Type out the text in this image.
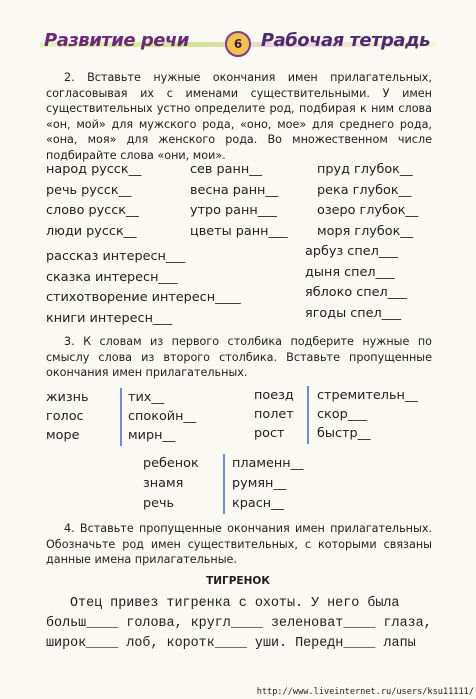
Развитие речи	6	Рабочая тетрадь

2. Вставьте нужные окончания имен прилагательных, согласовывая их с именами существительными. У имен существительных устно определите род, подбирая к ним слова «он, мой» для мужского рода, «оно, мое» для среднего рода, «она, моя» для женского рода. Во множественном числе подбирайте слова «они, мои».

народ русск__
речь русск__
слово русск__
люди русск__
сев ранн__
весна ранн__
утро ранн___
цветы ранн___
пруд глубок__
река глубок__
озеро глубок__
моря глубок__
рассказ интересн___
сказка интересн___
стихотворение интересн____
книги интересн___
арбуз спел___
дыня спел___
яблоко спел___
ягоды спел___

3. К словам из первого столбика подберите нужные по смыслу слова из второго столбика. Вставьте пропущенные окончания имен прилагательных.

жизнь
голос
море
тих__
спокойн__
мирн__
поезд
полет
рост
стремительн__
скор___
быстр__
ребенок
знамя
речь
пламенн__
румян__
красн__

4. Вставьте пропущенные окончания имен прилагательных. Обозначьте род имен существительных, с которыми связаны данные имена прилагательные.

ТИГРЕНОК

Отец привез тигренка с охоты. У него была больш____ голова, кругл____ зеленоват____ глаза, широк____ лоб, коротк____ уши. Передн____ лапы

http://www.liveinternet.ru/users/ksu11111/
